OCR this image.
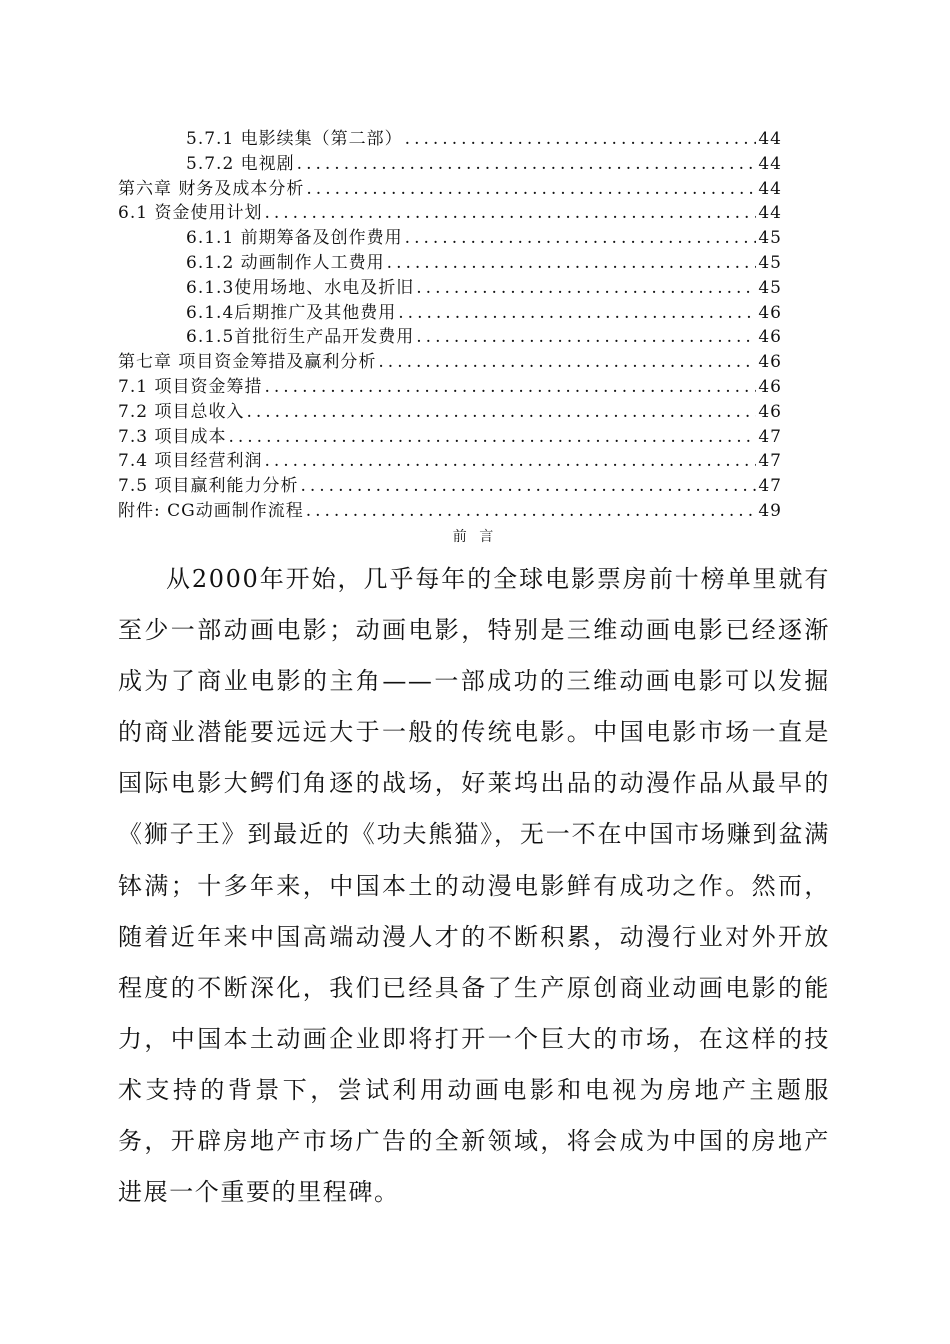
5.7.1 电影续集（第二部） .....	44
5.7.2 电视剧 .....	44
第六章 财务及成本分析 .....	44
6.1 资金使用计划 .....	44
6.1.1 前期筹备及创作费用 .....	45
6.1.2 动画制作人工费用 .....	45
6.1.3使用场地、水电及折旧 .....	45
6.1.4后期推广及其他费用 .....	46
6.1.5首批衍生产品开发费用 .....	46
第七章 项目资金筹措及赢利分析 .....	46
7.1 项目资金筹措 .....	46
7.2 项目总收入 .....	46
7.3 项目成本 .....	47
7.4 项目经营利润 .....	47
7.5 项目赢利能力分析 .....	47
附件: CG动画制作流程 .....	49
前 言

从2000年开始，几乎每年的全球电影票房前十榜单里就有至少一部动画电影；动画电影，特别是三维动画电影已经逐渐成为了商业电影的主角——一部成功的三维动画电影可以发掘的商业潜能要远远大于一般的传统电影。中国电影市场一直是国际电影大鳄们角逐的战场，好莱坞出品的动漫作品从最早的《狮子王》到最近的《功夫熊猫》，无一不在中国市场赚到盆满钵满；十多年来，中国本土的动漫电影鲜有成功之作。然而，随着近年来中国高端动漫人才的不断积累，动漫行业对外开放程度的不断深化，我们已经具备了生产原创商业动画电影的能力，中国本土动画企业即将打开一个巨大的市场，在这样的技术支持的背景下，尝试利用动画电影和电视为房地产主题服务，开辟房地产市场广告的全新领域，将会成为中国的房地产进展一个重要的里程碑。
